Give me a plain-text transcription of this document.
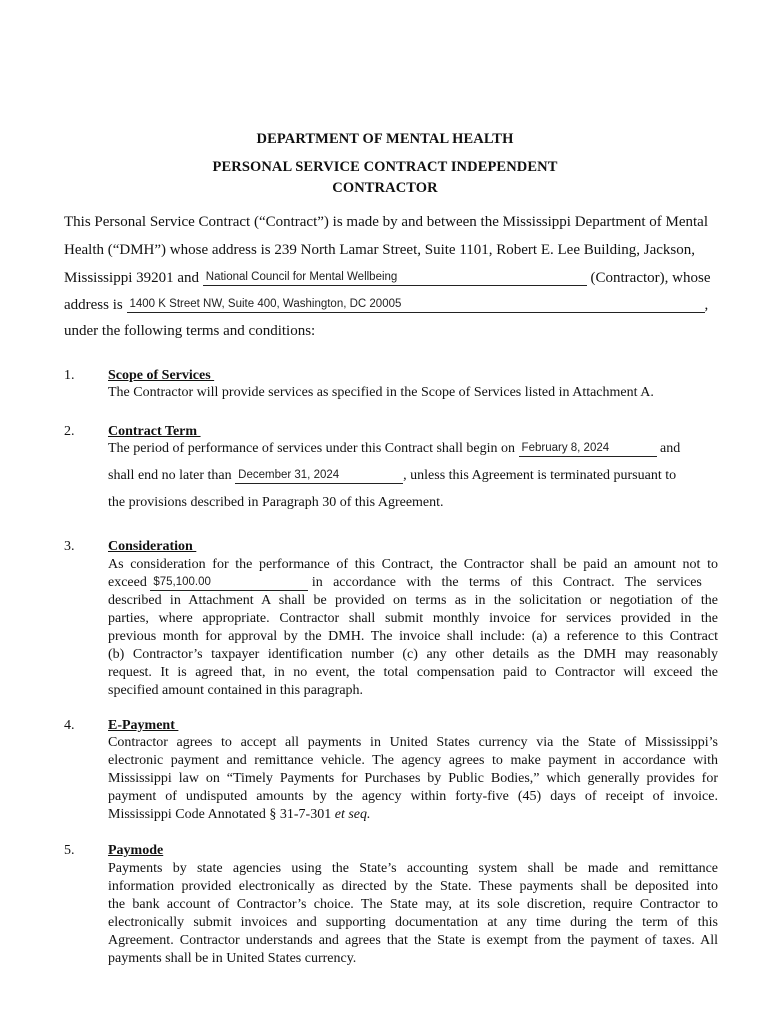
DEPARTMENT OF MENTAL HEALTH
PERSONAL SERVICE CONTRACT INDEPENDENT
CONTRACTOR
This Personal Service Contract (“Contract”) is made by and between the Mississippi Department of Mental
Health (“DMH”) whose address is 239 North Lamar Street, Suite 1101, Robert E. Lee Building, Jackson,
Mississippi 39201 and National Council for Mental Wellbeing	(Contractor), whose
address is 1400 K Street NW, Suite 400, Washington, DC 20005	,
under the following terms and conditions:
1. Scope of Services
The Contractor will provide services as specified in the Scope of Services listed in Attachment A.
2. Contract Term
The period of performance of services under this Contract shall begin on February 8, 2024	and
shall end no later than December 31, 2024	, unless this Agreement is terminated pursuant to
the provisions described in Paragraph 30 of this Agreement.
3. Consideration
As consideration for the performance of this Contract, the Contractor shall be paid an amount not to
exceed $75,100.00	in accordance with the terms of this Contract. The services
described in Attachment A shall be provided on terms as in the solicitation or negotiation of the
parties, where appropriate. Contractor shall submit monthly invoice for services provided in the
previous month for approval by the DMH. The invoice shall include: (a) a reference to this Contract
(b) Contractor’s taxpayer identification number (c) any other details as the DMH may reasonably
request. It is agreed that, in no event, the total compensation paid to Contractor will exceed the
specified amount contained in this paragraph.
4. E-Payment
Contractor agrees to accept all payments in United States currency via the State of Mississippi’s
electronic payment and remittance vehicle. The agency agrees to make payment in accordance with
Mississippi law on “Timely Payments for Purchases by Public Bodies,” which generally provides for
payment of undisputed amounts by the agency within forty-five (45) days of receipt of invoice.
Mississippi Code Annotated § 31-7-301 et seq.
5. Paymode
Payments by state agencies using the State’s accounting system shall be made and remittance
information provided electronically as directed by the State. These payments shall be deposited into
the bank account of Contractor’s choice. The State may, at its sole discretion, require Contractor to
electronically submit invoices and supporting documentation at any time during the term of this
Agreement. Contractor understands and agrees that the State is exempt from the payment of taxes. All
payments shall be in United States currency.
